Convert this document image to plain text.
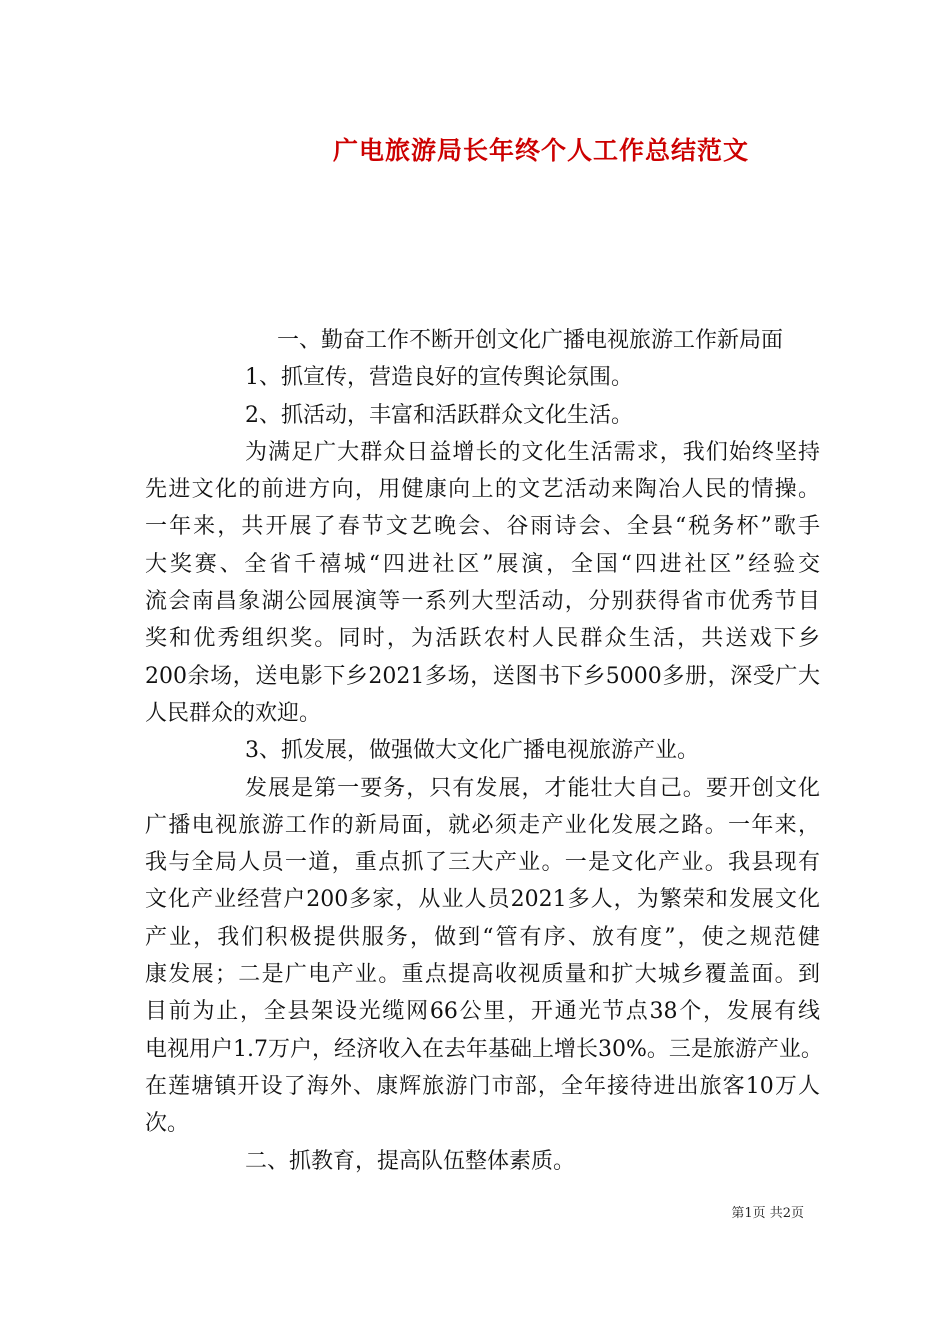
广电旅游局长年终个人工作总结范文
一、勤奋工作不断开创文化广播电视旅游工作新局面
1、抓宣传，营造良好的宣传舆论氛围。
2、抓活动，丰富和活跃群众文化生活。
为满足广大群众日益增长的文化生活需求，我们始终坚持
先进文化的前进方向，用健康向上的文艺活动来陶冶人民的情操。
一年来，共开展了春节文艺晚会、谷雨诗会、全县“税务杯”歌手
大奖赛、全省千禧城“四进社区”展演，全国“四进社区”经验交
流会南昌象湖公园展演等一系列大型活动，分别获得省市优秀节目
奖和优秀组织奖。同时，为活跃农村人民群众生活，共送戏下乡
200余场，送电影下乡2021多场，送图书下乡5000多册，深受广大
人民群众的欢迎。
3、抓发展，做强做大文化广播电视旅游产业。
发展是第一要务，只有发展，才能壮大自己。要开创文化
广播电视旅游工作的新局面，就必须走产业化发展之路。一年来，
我与全局人员一道，重点抓了三大产业。一是文化产业。我县现有
文化产业经营户200多家，从业人员2021多人，为繁荣和发展文化
产业，我们积极提供服务，做到“管有序、放有度”，使之规范健
康发展；二是广电产业。重点提高收视质量和扩大城乡覆盖面。到
目前为止，全县架设光缆网66公里，开通光节点38个，发展有线
电视用户1.7万户，经济收入在去年基础上增长30%。三是旅游产业。
在莲塘镇开设了海外、康辉旅游门市部，全年接待进出旅客10万人
次。
二、抓教育，提高队伍整体素质。
第1页 共2页
